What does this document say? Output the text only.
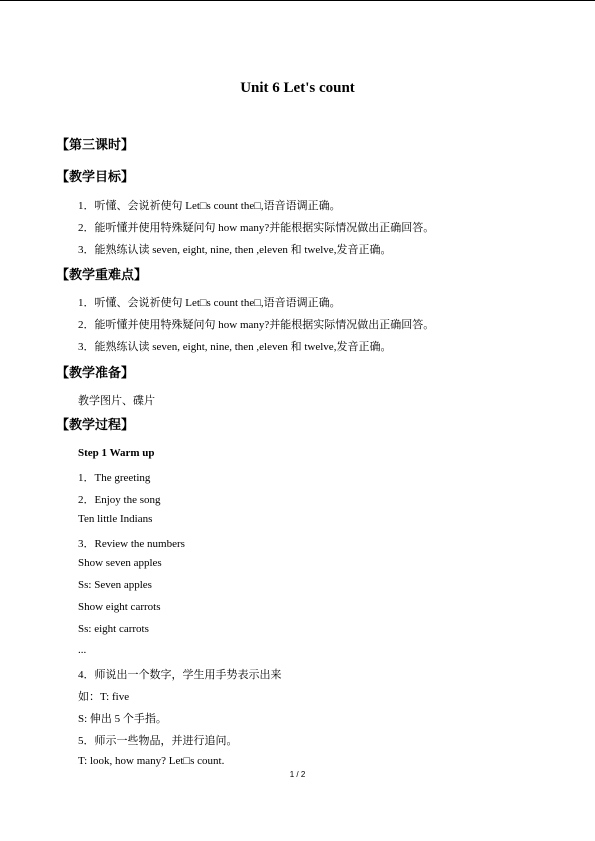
Unit 6 Let's count
【第三课时】
【教学目标】
1．听懂、会说祈使句 Let□s count the□,语音语调正确。
2．能听懂并使用特殊疑问句 how many?并能根据实际情况做出正确回答。
3．能熟练认读 seven, eight, nine, then ,eleven 和 twelve,发音正确。
【教学重难点】
1．听懂、会说祈使句 Let□s count the□,语音语调正确。
2．能听懂并使用特殊疑问句 how many?并能根据实际情况做出正确回答。
3．能熟练认读 seven, eight, nine, then ,eleven 和 twelve,发音正确。
【教学准备】
教学图片、碟片
【教学过程】
Step 1 Warm up
1．The greeting
2．Enjoy the song
Ten little Indians
3．Review the numbers
Show seven apples
Ss: Seven apples
Show eight carrots
Ss: eight carrots
...
4．师说出一个数字，学生用手势表示出来
如：T: five
S: 伸出 5 个手指。
5．师示一些物品，并进行追问。
T: look, how many? Let□s count.
1 / 2
